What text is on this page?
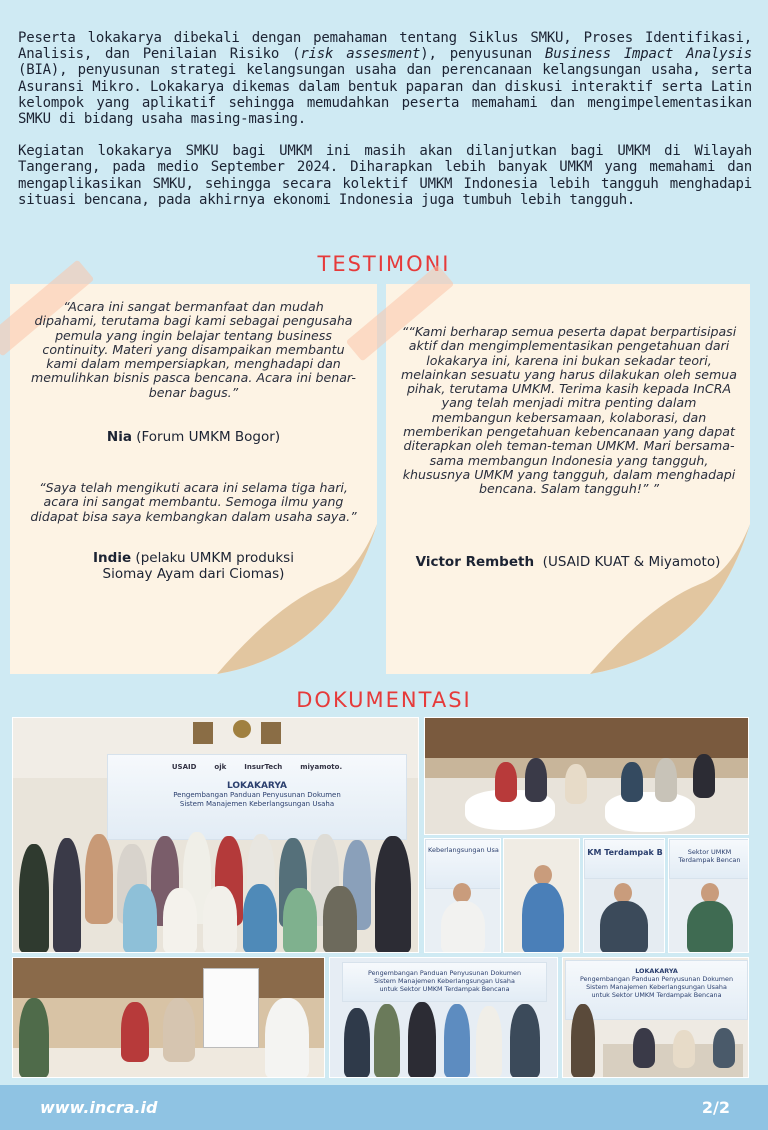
Peserta lokakarya dibekali dengan pemahaman tentang Siklus SMKU, Proses Identifikasi, Analisis, dan Penilaian Risiko (risk assesment), penyusunan Business Impact Analysis (BIA), penyusunan strategi kelangsungan usaha dan perencanaan kelangsungan usaha, serta Asuransi Mikro. Lokakarya dikemas dalam bentuk paparan dan diskusi interaktif serta Latin kelompok yang aplikatif sehingga memudahkan peserta memahami dan mengimpelementasikan SMKU di bidang usaha masing-masing.

Kegiatan lokakarya SMKU bagi UMKM ini masih akan dilanjutkan bagi UMKM di Wilayah Tangerang, pada medio September 2024. Diharapkan lebih banyak UMKM yang memahami dan mengaplikasikan SMKU, sehingga secara kolektif UMKM Indonesia lebih tangguh menghadapi situasi bencana, pada akhirnya ekonomi Indonesia juga tumbuh lebih tangguh.

TESTIMONI
“Acara ini sangat bermanfaat dan mudah dipahami, terutama bagi kami sebagai pengusaha pemula yang ingin belajar tentang business continuity. Materi yang disampaikan membantu kami dalam mempersiapkan, menghadapi dan memulihkan bisnis pasca bencana. Acara ini benar-benar bagus.”
Nia (Forum UMKM Bogor)
“Saya telah mengikuti acara ini selama tiga hari, acara ini sangat membantu. Semoga ilmu yang didapat bisa saya kembangkan dalam usaha saya.”
Indie (pelaku UMKM produksi Siomay Ayam dari Ciomas)
““Kami berharap semua peserta dapat berpartisipasi aktif dan mengimplementasikan pengetahuan dari lokakarya ini, karena ini bukan sekadar teori, melainkan sesuatu yang harus dilakukan oleh semua pihak, terutama UMKM. Terima kasih kepada InCRA yang telah menjadi mitra penting dalam membangun kebersamaan, kolaborasi, dan memberikan pengetahuan kebencanaan yang dapat diterapkan oleh teman-teman UMKM. Mari bersama-sama membangun Indonesia yang tangguh, khususnya UMKM yang tangguh, dalam menghadapi bencana. Salam tangguh!” ”
Victor Rembeth (USAID KUAT & Miyamoto)
DOKUMENTASI
USAID	ojk	InsurTech	miyamoto.
LOKAKARYA
Pengembangan Panduan Penyusunan Dokumen
Sistem Manajemen Keberlangsungan Usaha
Keberlangsungan Usa	KM Terdampak B	Sektor UMKM Terdampak Bencan
Pengembangan Panduan Penyusunan Dokumen
Sistem Manajemen Keberlangsungan Usaha
untuk Sektor UMKM Terdampak Bencana
LOKAKARYA
Pengembangan Panduan Penyusunan Dokumen
Sistem Manajemen Keberlangsungan Usaha
untuk Sektor UMKM Terdampak Bencana
www.incra.id	2/2
